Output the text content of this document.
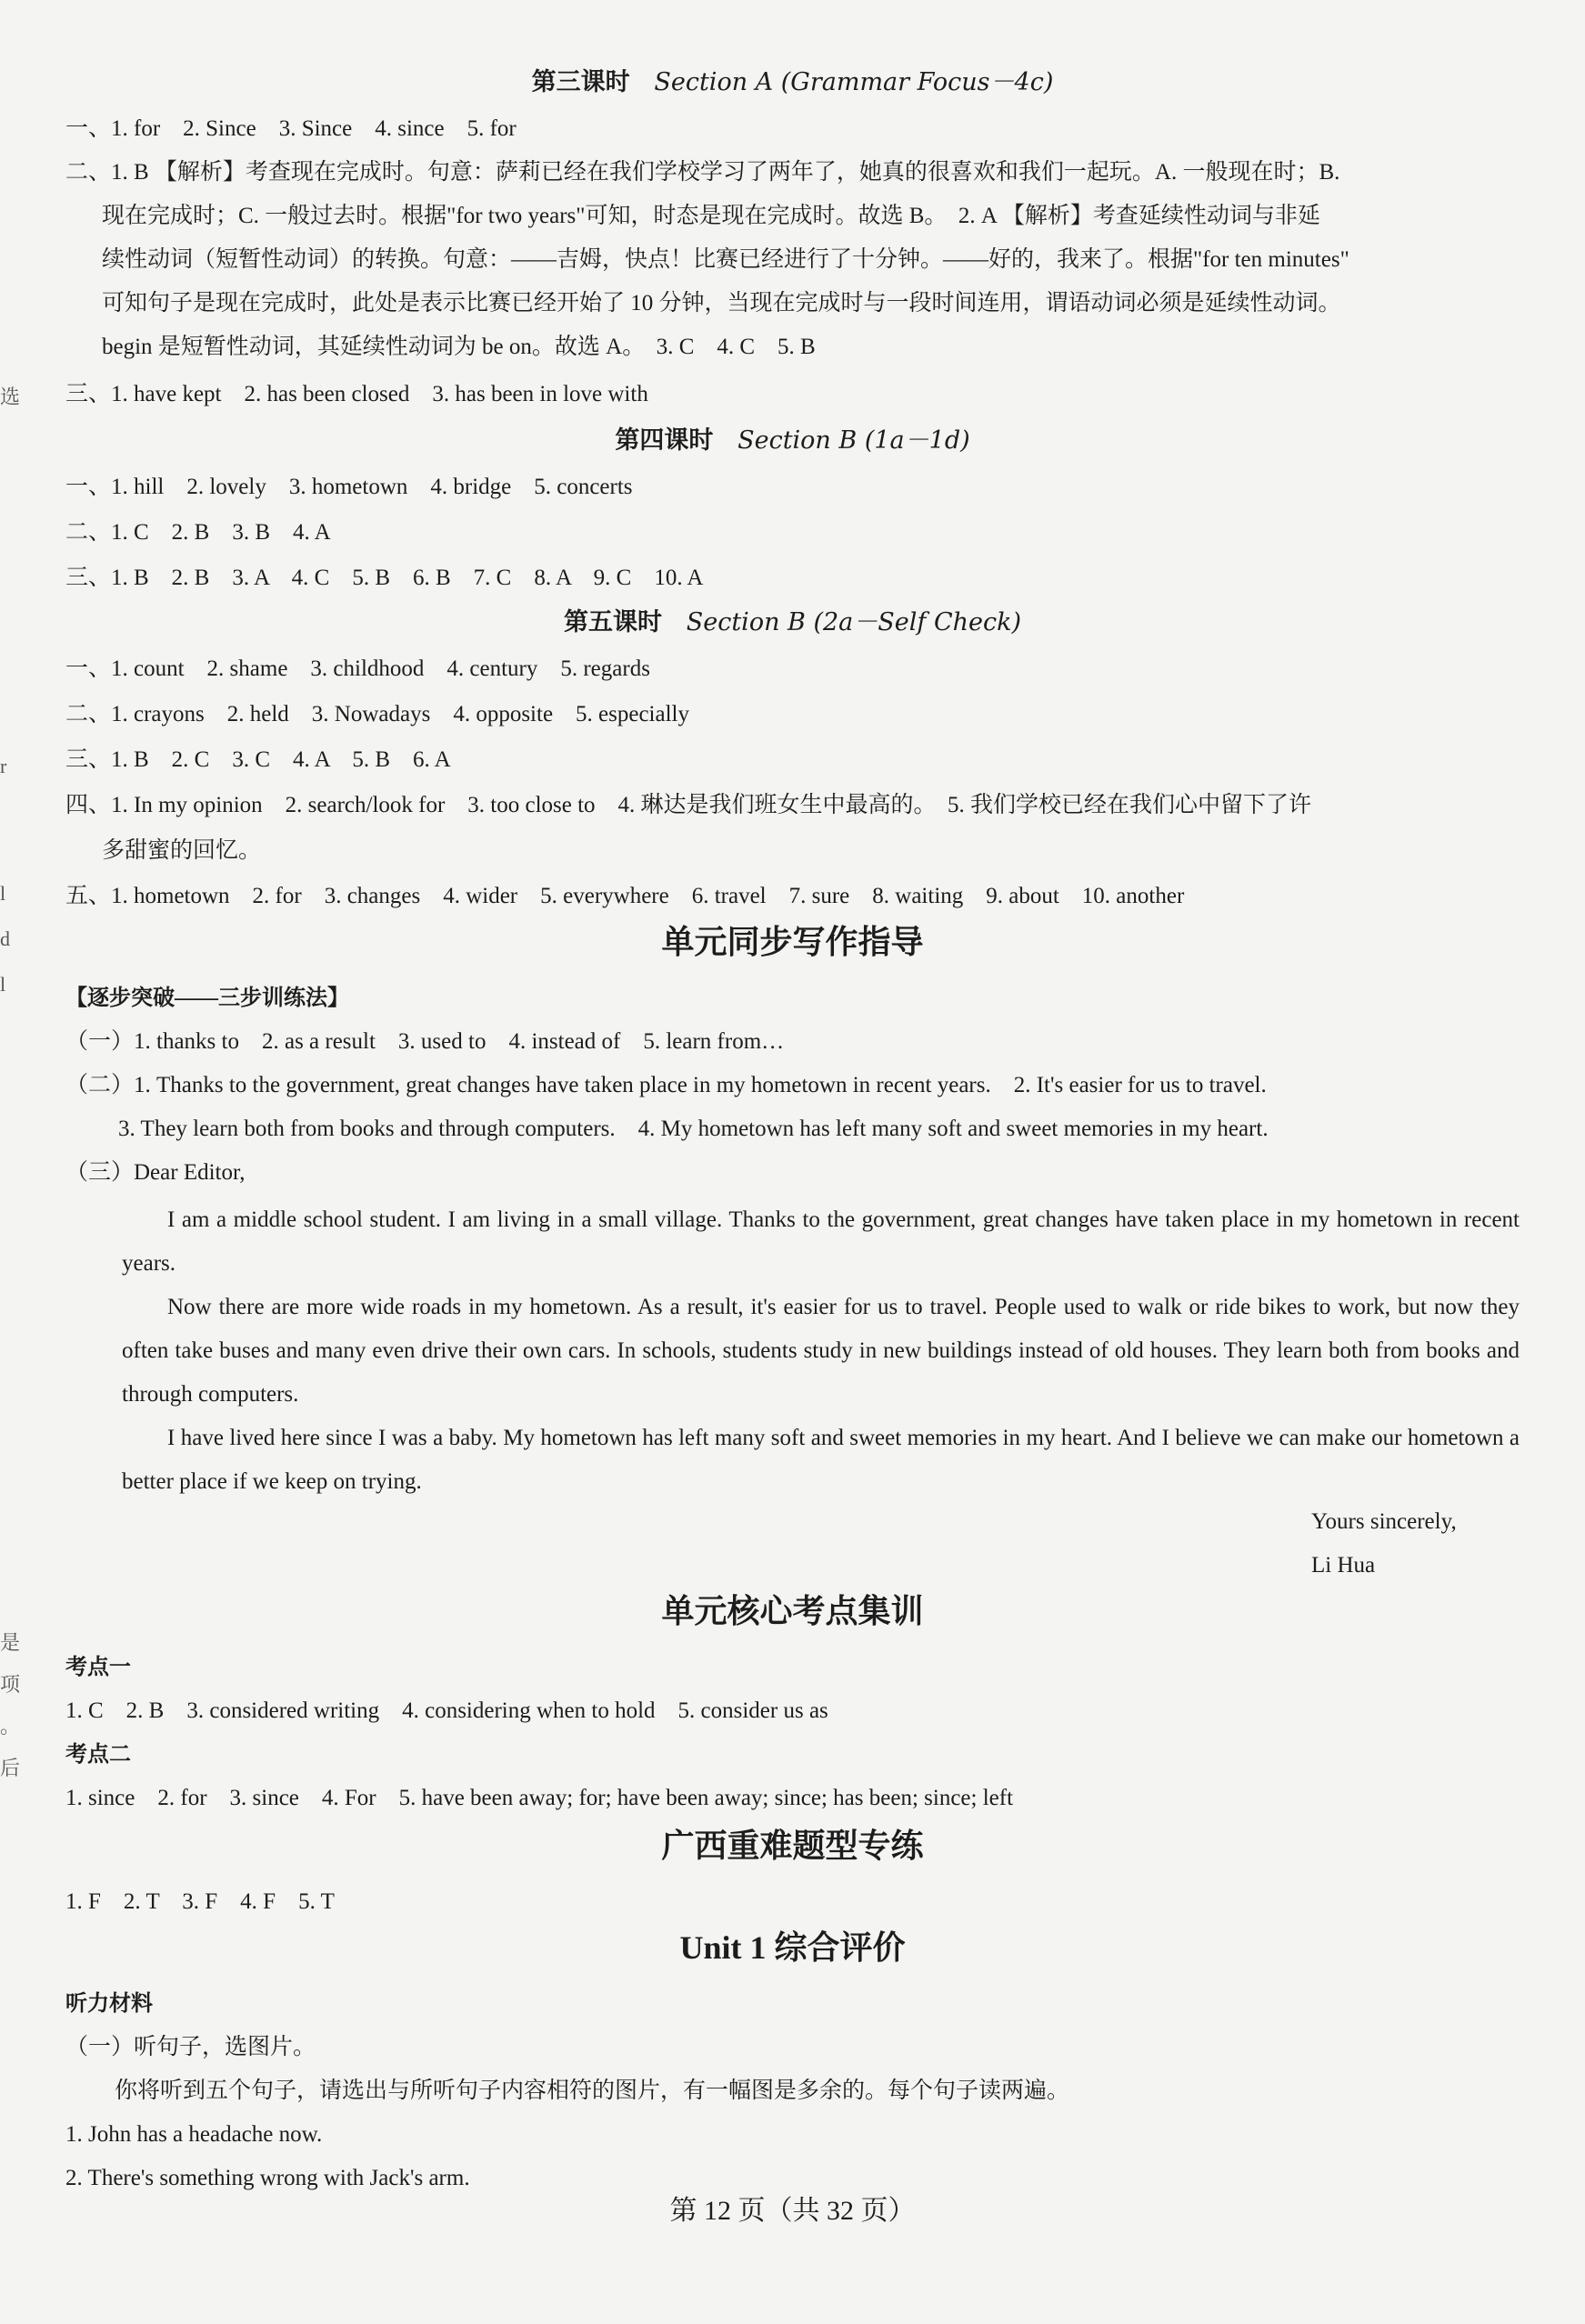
选
r
l
d
l
是
项
。
后
第三课时 Section A (Grammar Focus－4c)
一、1. for　2. Since　3. Since　4. since　5. for
二、1. B 【解析】考查现在完成时。句意：萨莉已经在我们学校学习了两年了，她真的很喜欢和我们一起玩。A. 一般现在时；B.
现在完成时；C. 一般过去时。根据"for two years"可知，时态是现在完成时。故选 B。　2. A 【解析】考查延续性动词与非延
续性动词（短暂性动词）的转换。句意：——吉姆，快点！比赛已经进行了十分钟。——好的，我来了。根据"for ten minutes"
可知句子是现在完成时，此处是表示比赛已经开始了 10 分钟，当现在完成时与一段时间连用，谓语动词必须是延续性动词。
begin 是短暂性动词，其延续性动词为 be on。故选 A。　3. C　4. C　5. B
三、1. have kept　2. has been closed　3. has been in love with
第四课时 Section B (1a－1d)
一、1. hill　2. lovely　3. hometown　4. bridge　5. concerts
二、1. C　2. B　3. B　4. A
三、1. B　2. B　3. A　4. C　5. B　6. B　7. C　8. A　9. C　10. A
第五课时 Section B (2a－Self Check)
一、1. count　2. shame　3. childhood　4. century　5. regards
二、1. crayons　2. held　3. Nowadays　4. opposite　5. especially
三、1. B　2. C　3. C　4. A　5. B　6. A
四、1. In my opinion　2. search/look for　3. too close to　4. 琳达是我们班女生中最高的。　5. 我们学校已经在我们心中留下了许
多甜蜜的回忆。
五、1. hometown　2. for　3. changes　4. wider　5. everywhere　6. travel　7. sure　8. waiting　9. about　10. another
单元同步写作指导
【逐步突破——三步训练法】
（一）1. thanks to　2. as a result　3. used to　4. instead of　5. learn from…
（二）1. Thanks to the government, great changes have taken place in my hometown in recent years.　2. It's easier for us to travel.
3. They learn both from books and through computers.　4. My hometown has left many soft and sweet memories in my heart.
（三）Dear Editor,
I am a middle school student. I am living in a small village. Thanks to the government, great changes have taken place in my hometown in recent years.
Now there are more wide roads in my hometown. As a result, it's easier for us to travel. People used to walk or ride bikes to work, but now they often take buses and many even drive their own cars. In schools, students study in new buildings instead of old houses. They learn both from books and through computers.
I have lived here since I was a baby. My hometown has left many soft and sweet memories in my heart. And I believe we can make our hometown a better place if we keep on trying.
Yours sincerely,
Li Hua
单元核心考点集训
考点一
1. C　2. B　3. considered writing　4. considering when to hold　5. consider us as
考点二
1. since　2. for　3. since　4. For　5. have been away; for; have been away; since; has been; since; left
广西重难题型专练
1. F　2. T　3. F　4. F　5. T
Unit 1 综合评价
听力材料
（一）听句子，选图片。
你将听到五个句子，请选出与所听句子内容相符的图片，有一幅图是多余的。每个句子读两遍。
1. John has a headache now.
2. There's something wrong with Jack's arm.
第 12 页（共 32 页）
